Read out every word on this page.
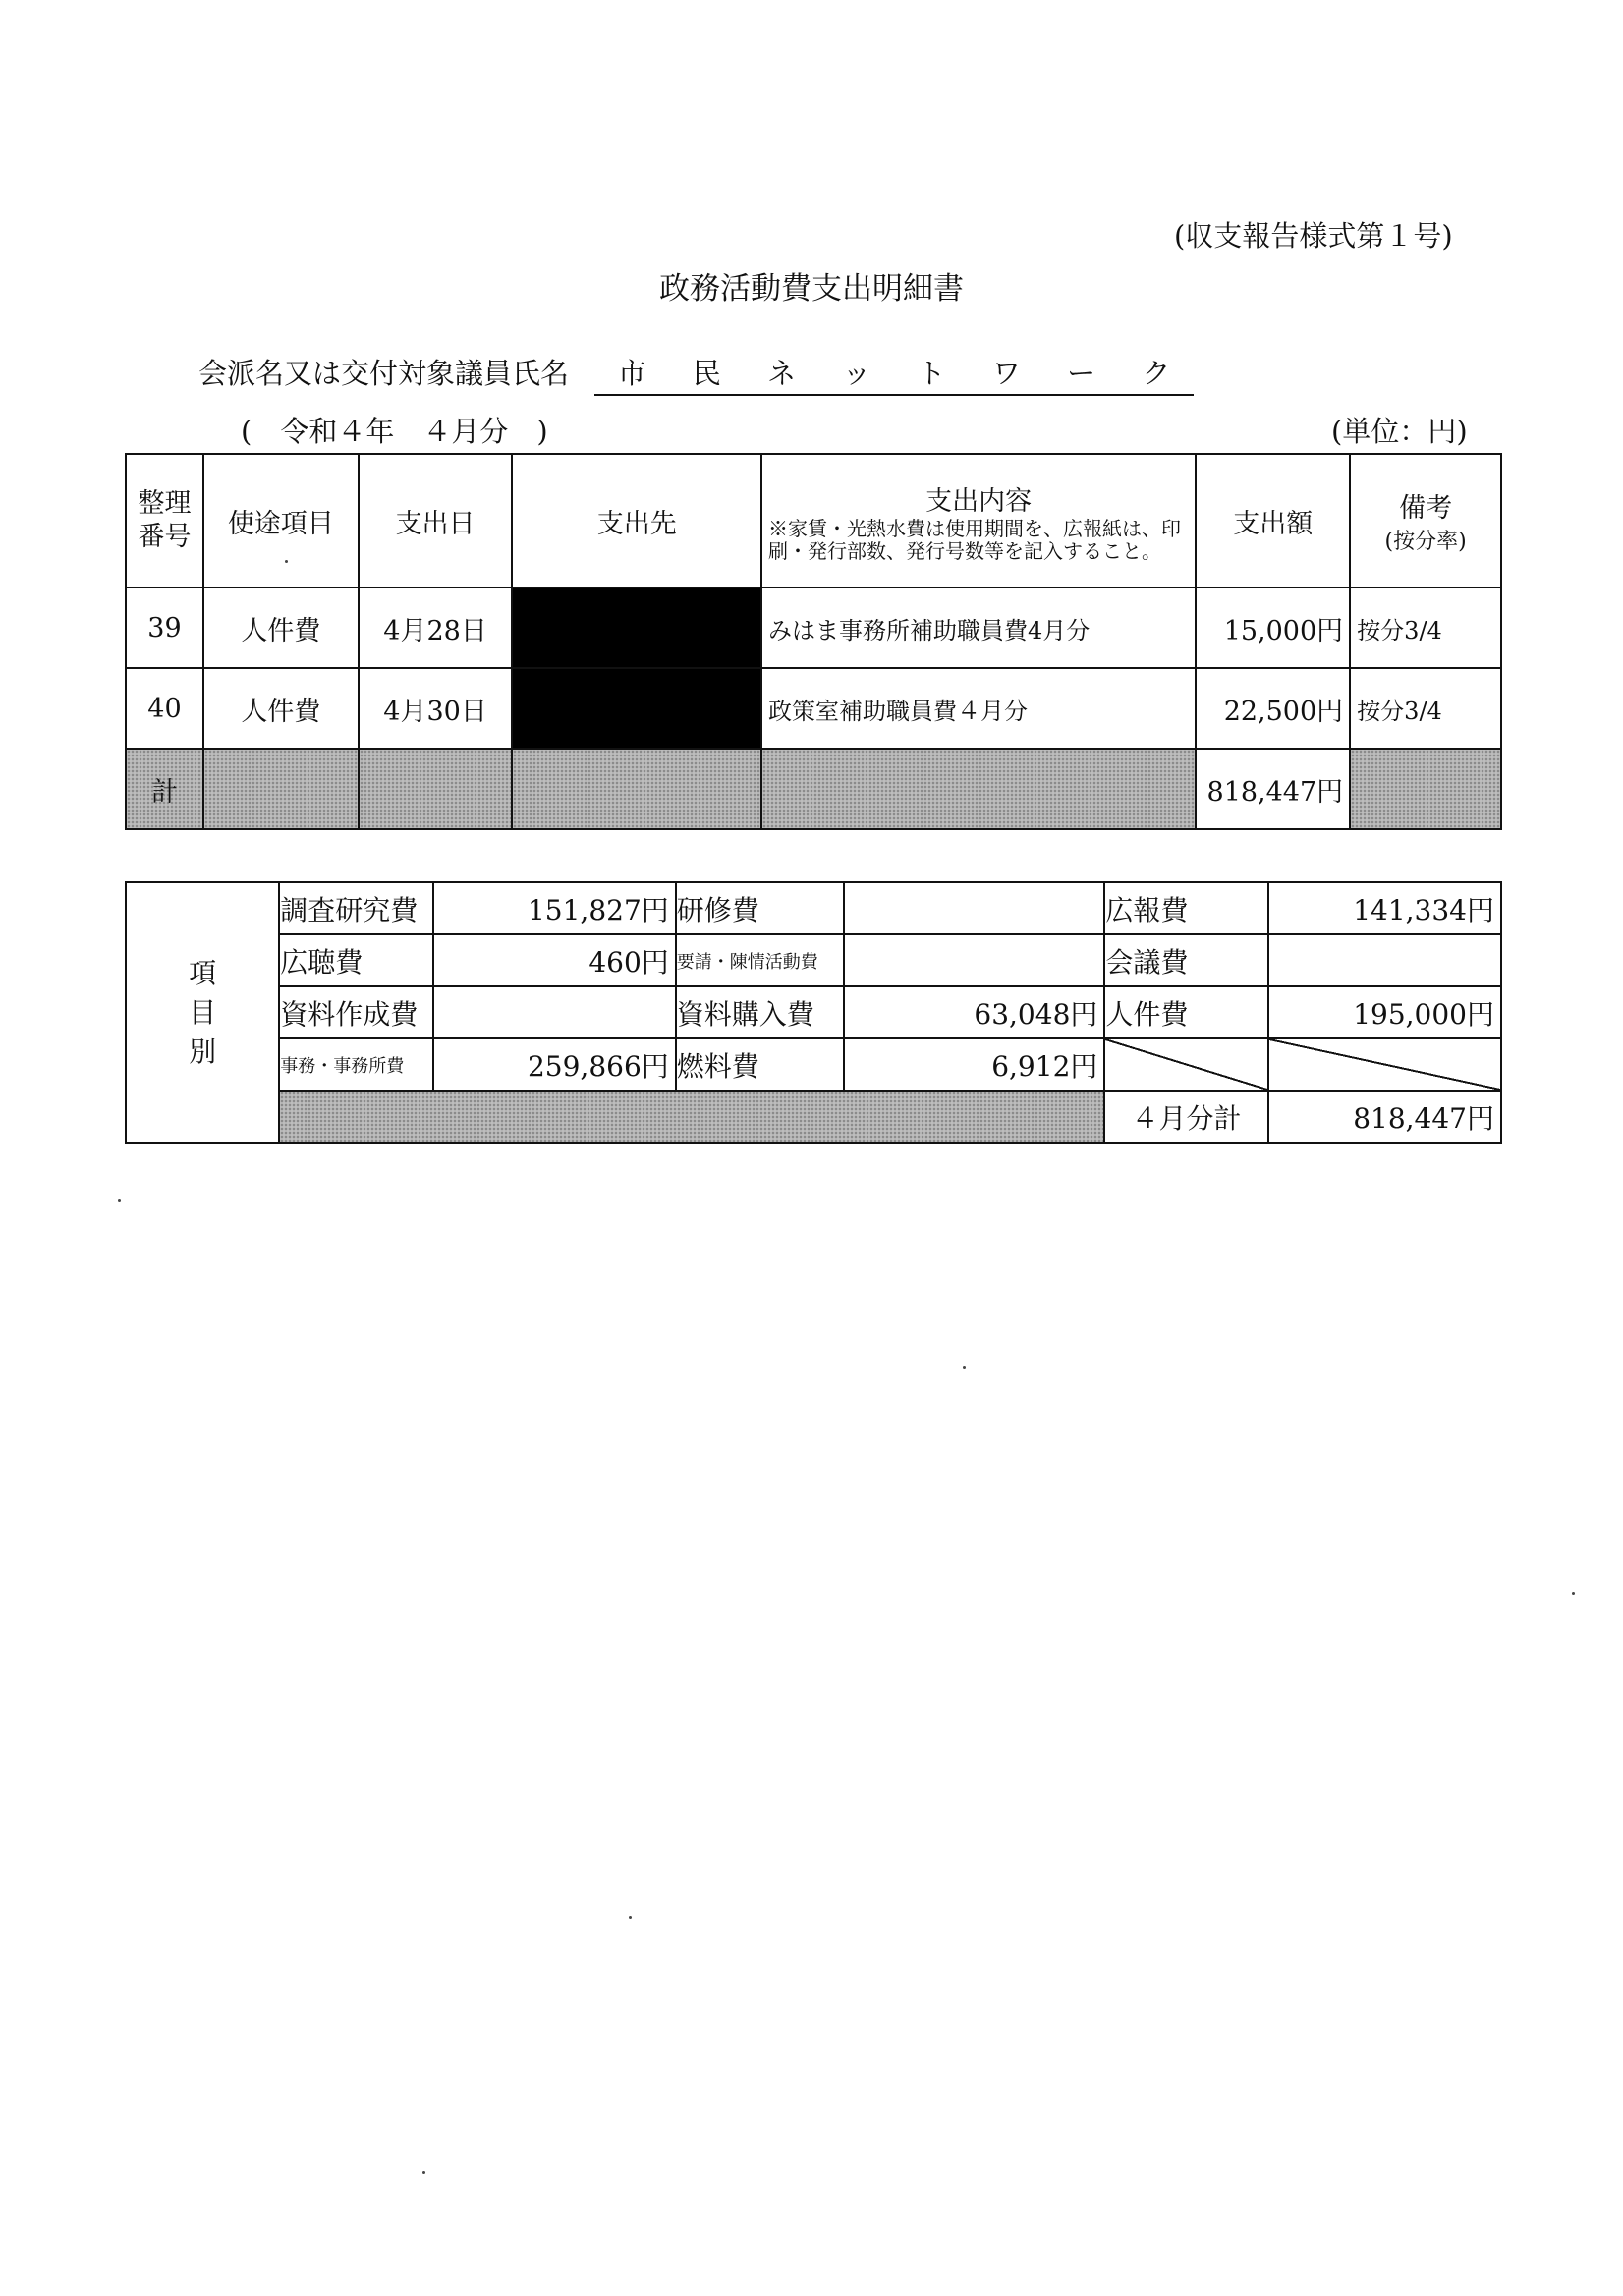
(収支報告様式第１号)
政務活動費支出明細書
会派名又は交付対象議員氏名 市 民 ネ ッ ト ワ ー ク
(　令和４年　４月分　)	(単位：円)
整理番号	使途項目	支出日	支出先	支出内容
※家賃・光熱水費は使用期間を、広報紙は、印刷・発行部数、発行号数等を記入すること。	支出額	備考
(按分率)

39	人件費	4月28日		みはま事務所補助職員費4月分	15,000円	按分3/4
40	人件費	4月30日		政策室補助職員費４月分	22,500円	按分3/4
計					818,447円	
項目別	調査研究費	151,827円	研修費		広報費	141,334円
	広聴費	460円	要請・陳情活動費		会議費	
	資料作成費		資料購入費	63,048円	人件費	195,000円
	事務・事務所費	259,866円	燃料費	6,912円		
					４月分計	818,447円
